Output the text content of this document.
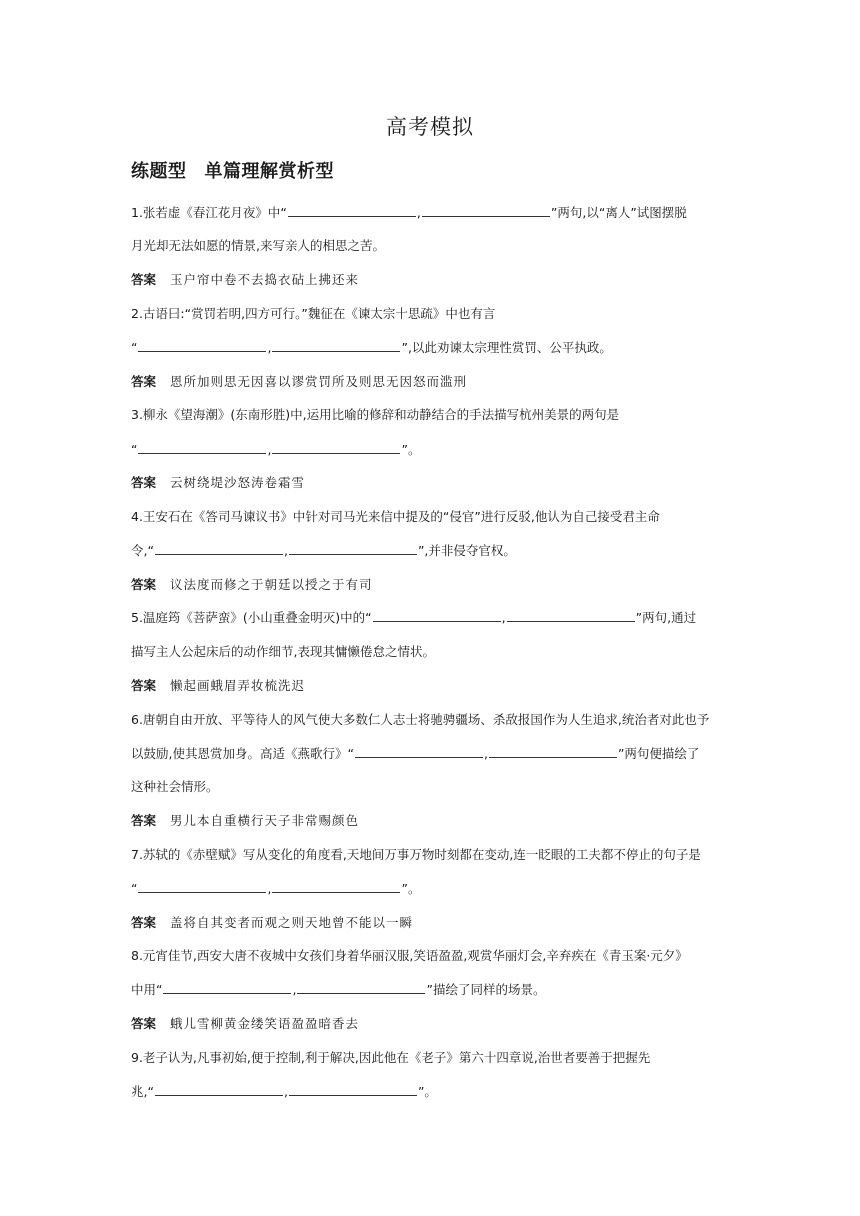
高考模拟
练题型 单篇理解赏析型
1.张若虚《春江花月夜》中“	,	”两句,以“离人”试图摆脱
月光却无法如愿的情景,来写亲人的相思之苦。
答案 玉户帘中卷不去捣衣砧上拂还来
2.古语曰:“赏罚若明,四方可行。”魏征在《谏太宗十思疏》中也有言
“	,	”,以此劝谏太宗理性赏罚、公平执政。
答案 恩所加则思无因喜以谬赏罚所及则思无因怒而滥刑
3.柳永《望海潮》(东南形胜)中,运用比喻的修辞和动静结合的手法描写杭州美景的两句是
“	,	”。
答案 云树绕堤沙怒涛卷霜雪
4.王安石在《答司马谏议书》中针对司马光来信中提及的“侵官”进行反驳,他认为自己接受君主命
令,“	,	”,并非侵夺官权。
答案 议法度而修之于朝廷以授之于有司
5.温庭筠《菩萨蛮》(小山重叠金明灭)中的“	,	”两句,通过
描写主人公起床后的动作细节,表现其慵懒倦怠之情状。
答案 懒起画蛾眉弄妆梳洗迟
6.唐朝自由开放、平等待人的风气使大多数仁人志士将驰骋疆场、杀敌报国作为人生追求,统治者对此也予
以鼓励,使其恩赏加身。高适《燕歌行》“	,	”两句便描绘了
这种社会情形。
答案 男儿本自重横行天子非常赐颜色
7.苏轼的《赤壁赋》写从变化的角度看,天地间万事万物时刻都在变动,连一眨眼的工夫都不停止的句子是
“	,	”。
答案 盖将自其变者而观之则天地曾不能以一瞬
8.元宵佳节,西安大唐不夜城中女孩们身着华丽汉服,笑语盈盈,观赏华丽灯会,辛弃疾在《青玉案·元夕》
中用“	,	”描绘了同样的场景。
答案 蛾儿雪柳黄金缕笑语盈盈暗香去
9.老子认为,凡事初始,便于控制,利于解决,因此他在《老子》第六十四章说,治世者要善于把握先
兆,“	,	”。
